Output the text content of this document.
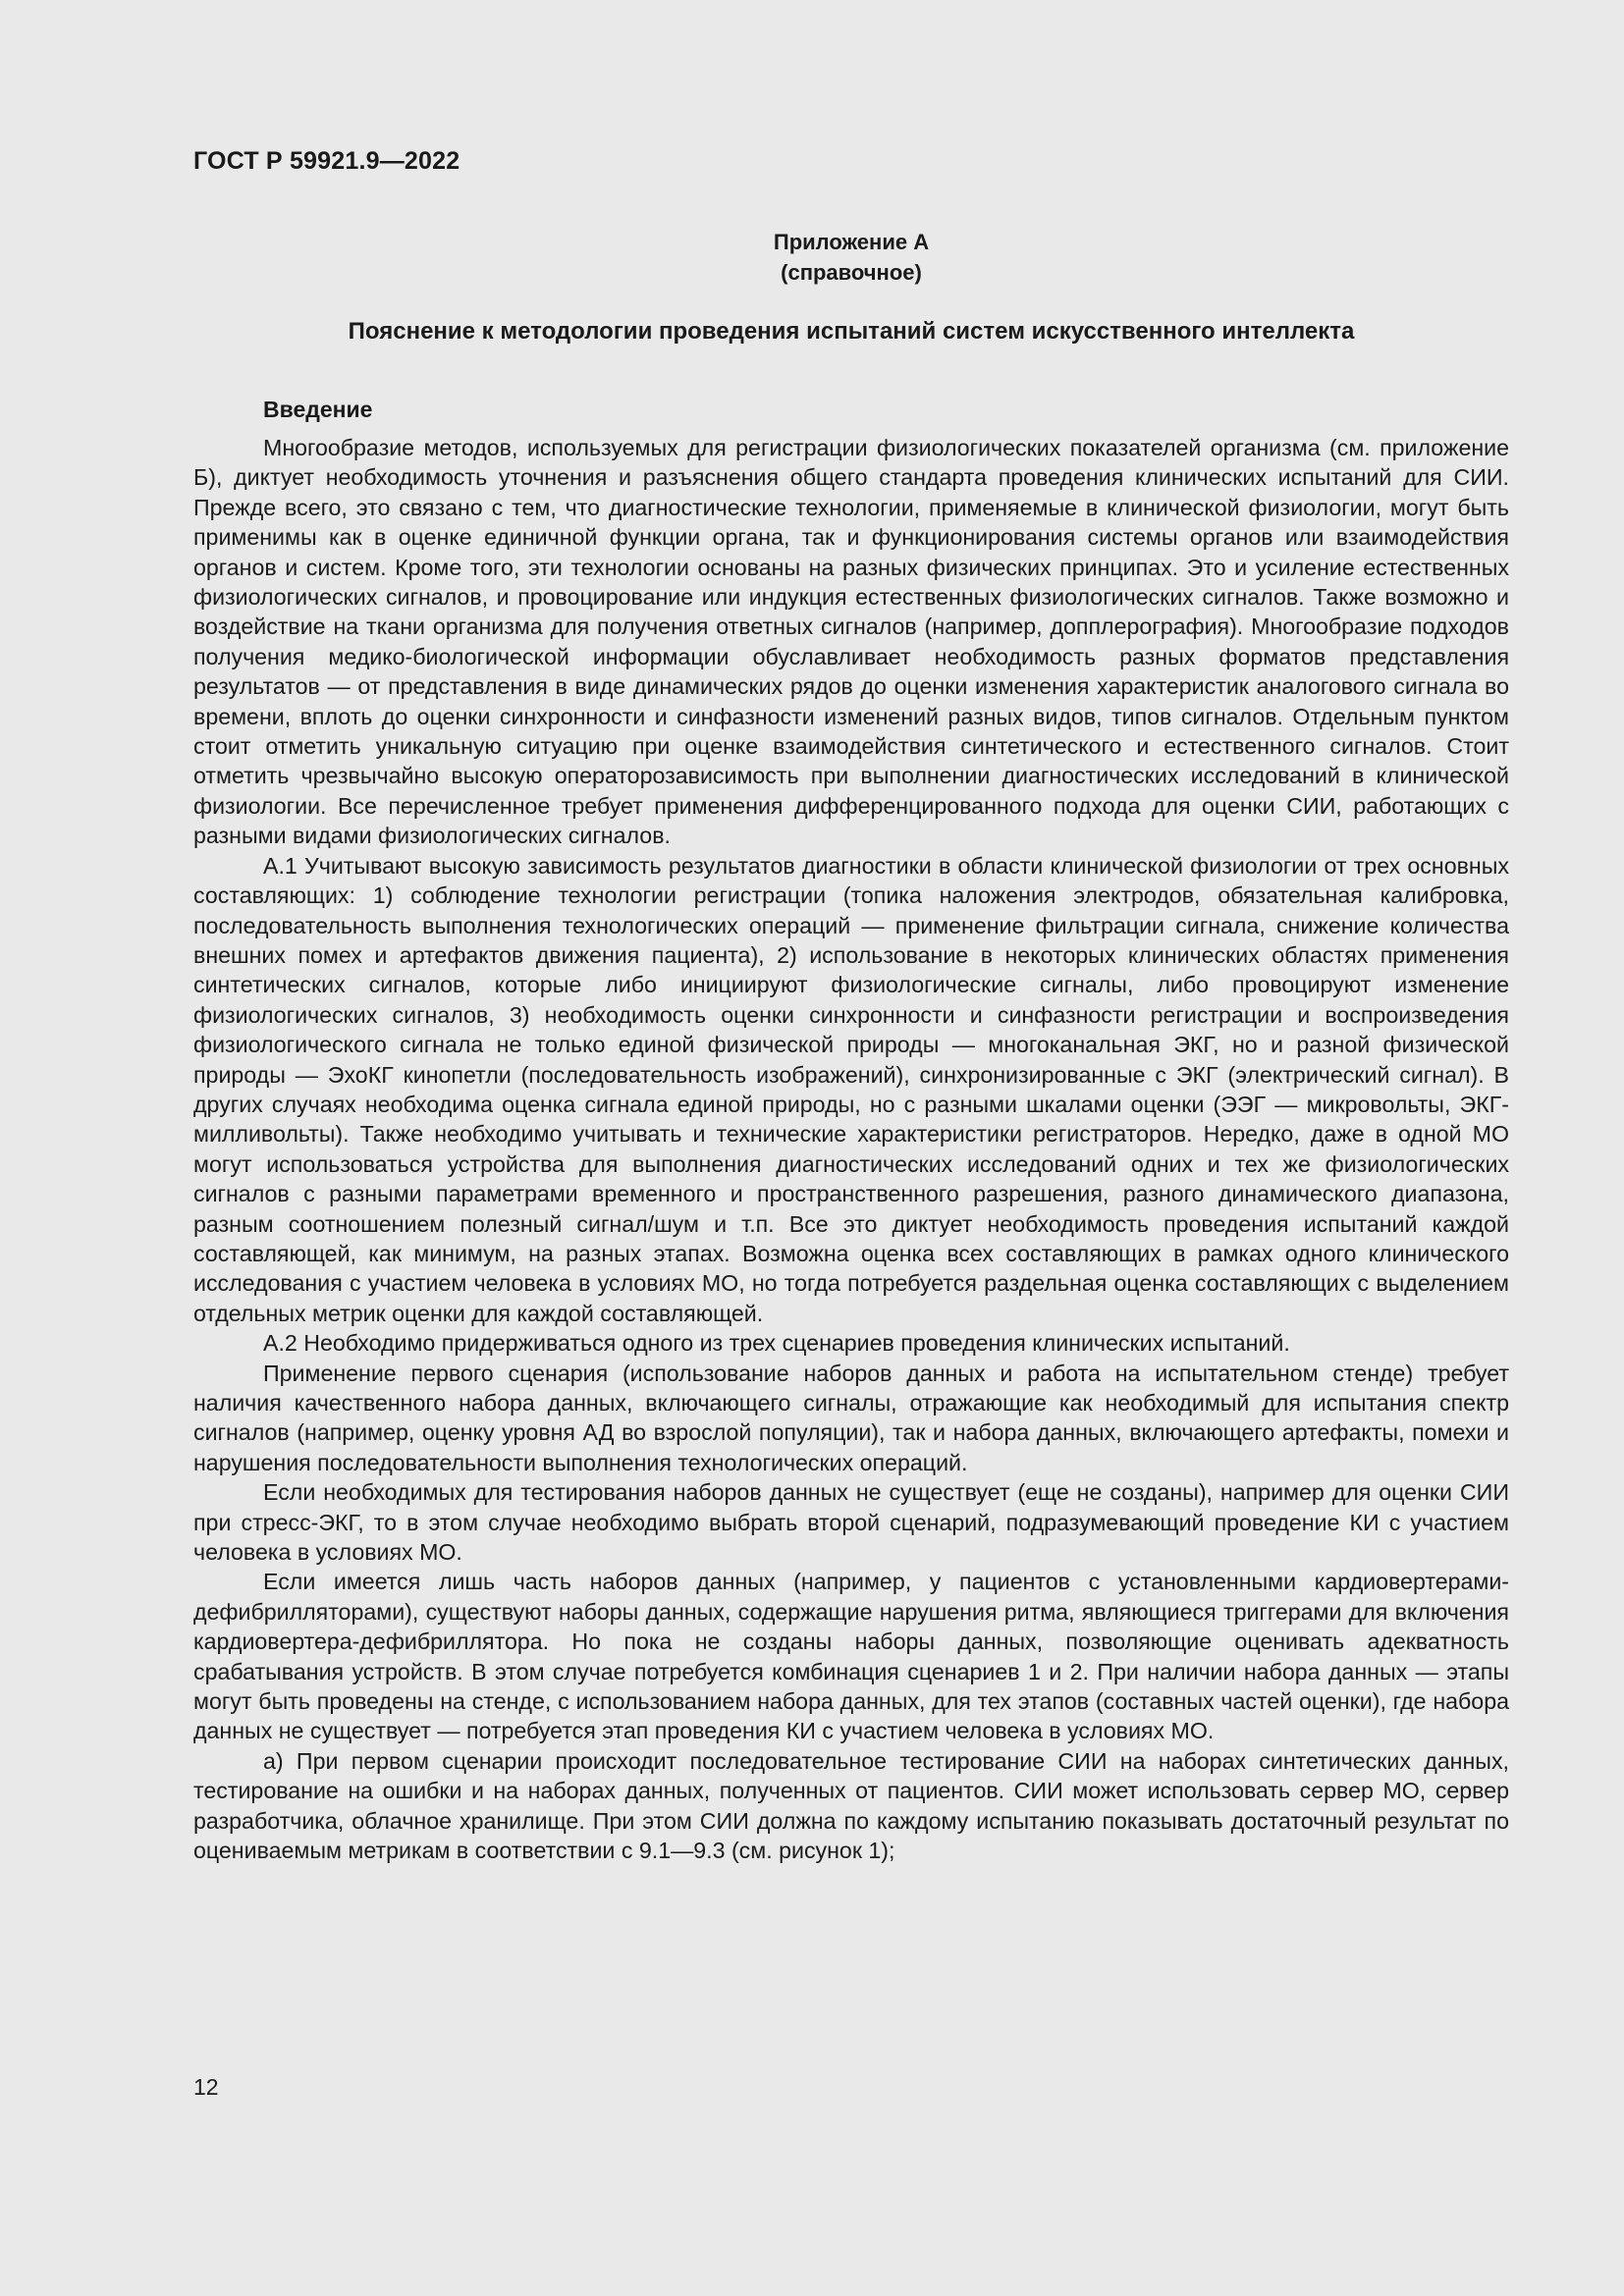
ГОСТ Р 59921.9—2022
Приложение А
(справочное)
Пояснение к методологии проведения испытаний систем искусственного интеллекта
Введение

Многообразие методов, используемых для регистрации физиологических показателей организма (см. приложение Б), диктует необходимость уточнения и разъяснения общего стандарта проведения клинических испытаний для СИИ. Прежде всего, это связано с тем, что диагностические технологии, применяемые в клинической физиологии, могут быть применимы как в оценке единичной функции органа, так и функционирования системы органов или взаимодействия органов и систем. Кроме того, эти технологии основаны на разных физических принципах. Это и усиление естественных физиологических сигналов, и провоцирование или индукция естественных физиологических сигналов. Также возможно и воздействие на ткани организма для получения ответных сигналов (например, допплерография). Многообразие подходов получения медико-биологической информации обуславливает необходимость разных форматов представления результатов — от представления в виде динамических рядов до оценки изменения характеристик аналогового сигнала во времени, вплоть до оценки синхронности и синфазности изменений разных видов, типов сигналов. Отдельным пунктом стоит отметить уникальную ситуацию при оценке взаимодействия синтетического и естественного сигналов. Стоит отметить чрезвычайно высокую операторозависимость при выполнении диагностических исследований в клинической физиологии. Все перечисленное требует применения дифференцированного подхода для оценки СИИ, работающих с разными видами физиологических сигналов.

А.1 Учитывают высокую зависимость результатов диагностики в области клинической физиологии от трех основных составляющих: 1) соблюдение технологии регистрации (топика наложения электродов, обязательная калибровка, последовательность выполнения технологических операций — применение фильтрации сигнала, снижение количества внешних помех и артефактов движения пациента), 2) использование в некоторых клинических областях применения синтетических сигналов, которые либо инициируют физиологические сигналы, либо провоцируют изменение физиологических сигналов, 3) необходимость оценки синхронности и синфазности регистрации и воспроизведения физиологического сигнала не только единой физической природы — многоканальная ЭКГ, но и разной физической природы — ЭхоКГ кинопетли (последовательность изображений), синхронизированные с ЭКГ (электрический сигнал). В других случаях необходима оценка сигнала единой природы, но с разными шкалами оценки (ЭЭГ — микровольты, ЭКГ-милливольты). Также необходимо учитывать и технические характеристики регистраторов. Нередко, даже в одной МО могут использоваться устройства для выполнения диагностических исследований одних и тех же физиологических сигналов с разными параметрами временного и пространственного разрешения, разного динамического диапазона, разным соотношением полезный сигнал/шум и т.п. Все это диктует необходимость проведения испытаний каждой составляющей, как минимум, на разных этапах. Возможна оценка всех составляющих в рамках одного клинического исследования с участием человека в условиях МО, но тогда потребуется раздельная оценка составляющих с выделением отдельных метрик оценки для каждой составляющей.

А.2 Необходимо придерживаться одного из трех сценариев проведения клинических испытаний.

Применение первого сценария (использование наборов данных и работа на испытательном стенде) требует наличия качественного набора данных, включающего сигналы, отражающие как необходимый для испытания спектр сигналов (например, оценку уровня АД во взрослой популяции), так и набора данных, включающего артефакты, помехи и нарушения последовательности выполнения технологических операций.

Если необходимых для тестирования наборов данных не существует (еще не созданы), например для оценки СИИ при стресс-ЭКГ, то в этом случае необходимо выбрать второй сценарий, подразумевающий проведение КИ с участием человека в условиях МО.

Если имеется лишь часть наборов данных (например, у пациентов с установленными кардиовертерами-дефибрилляторами), существуют наборы данных, содержащие нарушения ритма, являющиеся триггерами для включения кардиовертера-дефибриллятора. Но пока не созданы наборы данных, позволяющие оценивать адекватность срабатывания устройств. В этом случае потребуется комбинация сценариев 1 и 2. При наличии набора данных — этапы могут быть проведены на стенде, с использованием набора данных, для тех этапов (составных частей оценки), где набора данных не существует — потребуется этап проведения КИ с участием человека в условиях МО.

а) При первом сценарии происходит последовательное тестирование СИИ на наборах синтетических данных, тестирование на ошибки и на наборах данных, полученных от пациентов. СИИ может использовать сервер МО, сервер разработчика, облачное хранилище. При этом СИИ должна по каждому испытанию показывать достаточный результат по оцениваемым метрикам в соответствии с 9.1—9.3 (см. рисунок 1);

12
